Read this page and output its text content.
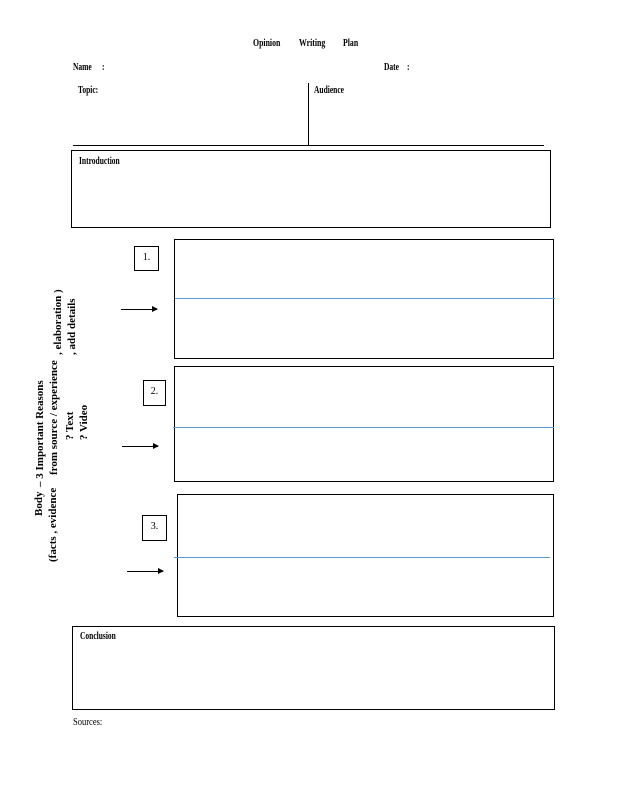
Opinion Writing Plan
Name :	Date :
Topic:	Audience
Introduction
Body (facts , evidence
– 3 Important Reasons from source / experience ? Text ? Video
, elaboration ) , add details
1.
2.
3.
Conclusion
Sources:
